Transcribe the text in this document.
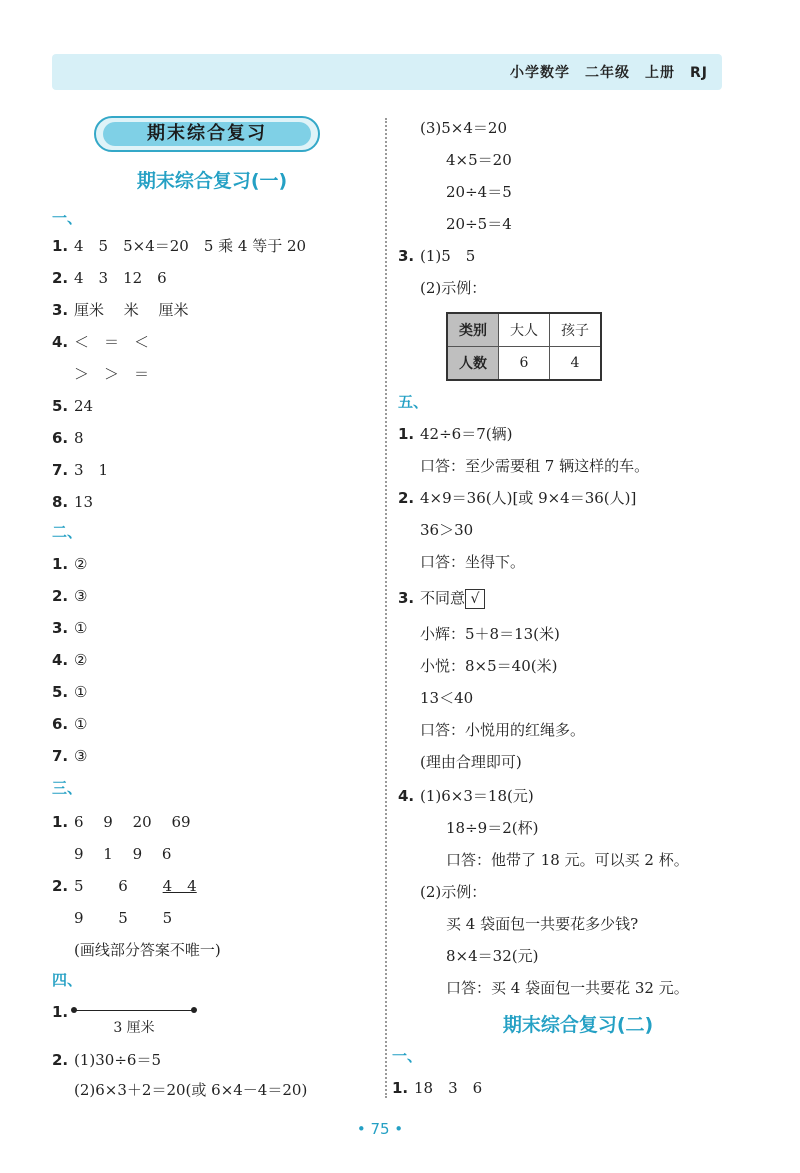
小学数学　二年级　上册　RJ
期末综合复习
期末综合复习(一)
一、
1. 4　5　5×4＝20　5 乘 4 等于 20
2. 4　3　12　6
3. 厘米　 米　 厘米
4. ＜　＝　＜
＞　＞　＝
5. 24
6. 8
7. 3　1
8. 13
二、
1. ②
2. ③
3. ①
4. ②
5. ①
6. ①
7. ③
三、
1. 6　 9　 20　 69
9　 1　 9　 6
2. 5　 　6　 　4　4
9　 　5　 　5
(画线部分答案不唯一)
四、
1.
3 厘米
2. (1)30÷6＝5
(2)6×3＋2＝20(或 6×4－4＝20)
(3)5×4＝20
4×5＝20
20÷4＝5
20÷5＝4
3. (1)5　5
(2)示例：
类别	大人	孩子
人数	6	4
五、
1. 42÷6＝7(辆)
口答：至少需要租 7 辆这样的车。
2. 4×9＝36(人)[或 9×4＝36(人)]
36＞30
口答：坐得下。
3. 不同意 √
小辉：5＋8＝13(米)
小悦：8×5＝40(米)
13＜40
口答：小悦用的红绳多。
(理由合理即可)
4. (1)6×3＝18(元)
18÷9＝2(杯)
口答：他带了 18 元。可以买 2 杯。
(2)示例：
买 4 袋面包一共要花多少钱?
8×4＝32(元)
口答：买 4 袋面包一共要花 32 元。
期末综合复习(二)
一、
1. 18　3　6
• 75 •
